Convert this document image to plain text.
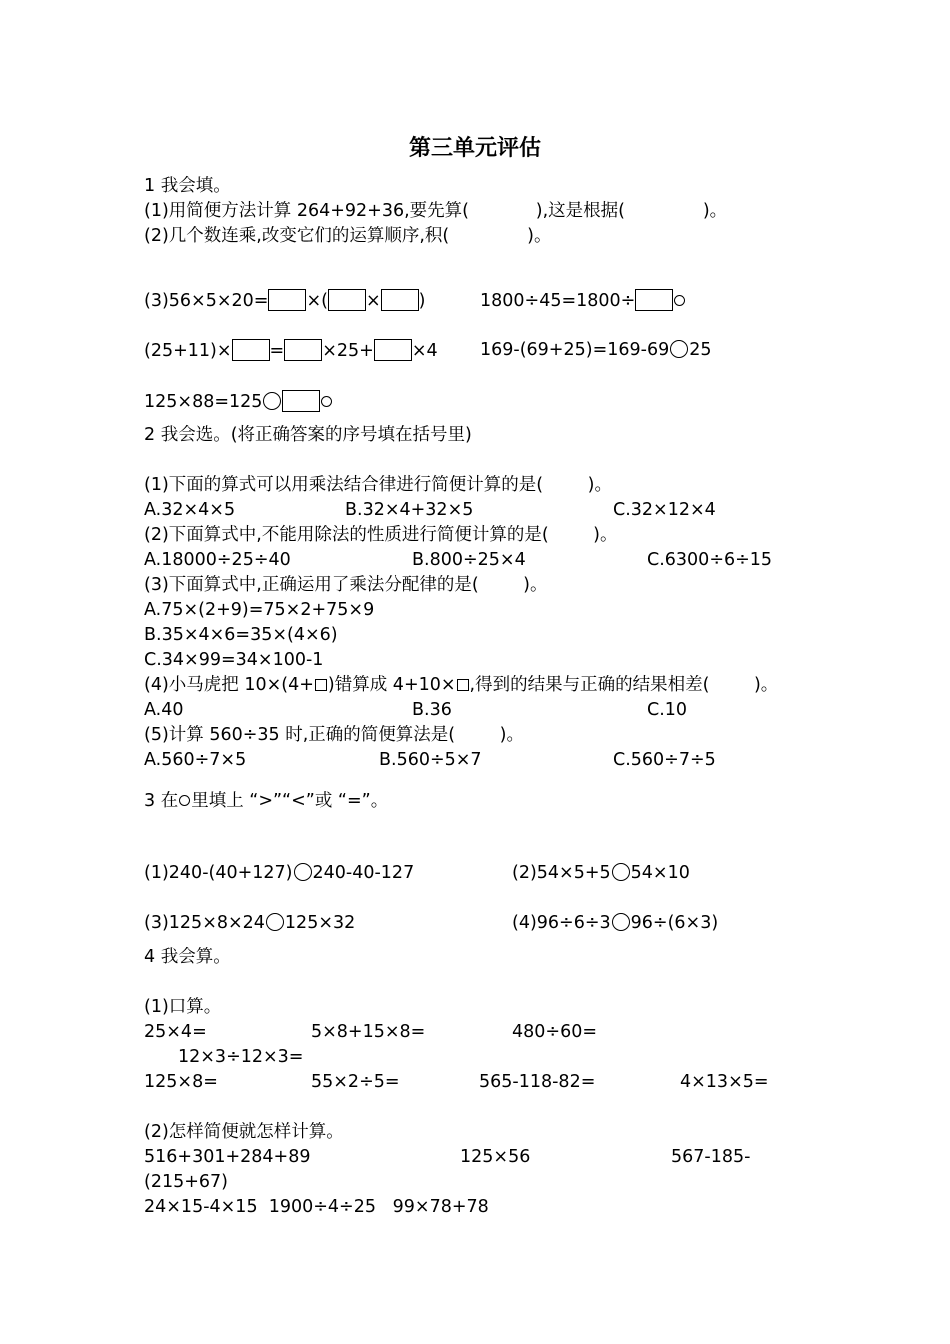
第三单元评估
1 我会填。
(1)用简便方法计算 264+92+36,要先算(            ),这是根据(              )。
(2)几个数连乘,改变它们的运算顺序,积(              )。
(3)56×5×20= ×( × )	1800÷45=1800÷
(25+11)× = ×25+ ×4 169-(69+25)=169-69 25
125×88=125
2 我会选。(将正确答案的序号填在括号里)
(1)下面的算式可以用乘法结合律进行简便计算的是(        )。
A.32×4×5	B.32×4+32×5	C.32×12×4
(2)下面算式中,不能用除法的性质进行简便计算的是(        )。
A.18000÷25÷40	B.800÷25×4	C.6300÷6÷15
(3)下面算式中,正确运用了乘法分配律的是(        )。
A.75×(2+9)=75×2+75×9
B.35×4×6=35×(4×6)
C.34×99=34×100-1
(4)小马虎把 10×(4+ )错算成 4+10× ,得到的结果与正确的结果相差(        )。
A.40	B.36	C.10
(5)计算 560÷35 时,正确的简便算法是(        )。
A.560÷7×5	B.560÷5×7	C.560÷7÷5
3 在 里填上 “>”“<”或 “=”。
(1)240-(40+127) 240-40-127	(2)54×5+5 54×10
(3)125×8×24 125×32	(4)96÷6÷3 96÷(6×3)
4 我会算。
(1)口算。
25×4=	5×8+15×8=	480÷60=
12×3÷12×3=
125×8=	55×2÷5=	565-118-82=	4×13×5=
(2)怎样简便就怎样计算。
516+301+284+89	125×56	567-185-
(215+67)
24×15-4×15  1900÷4÷25   99×78+78
